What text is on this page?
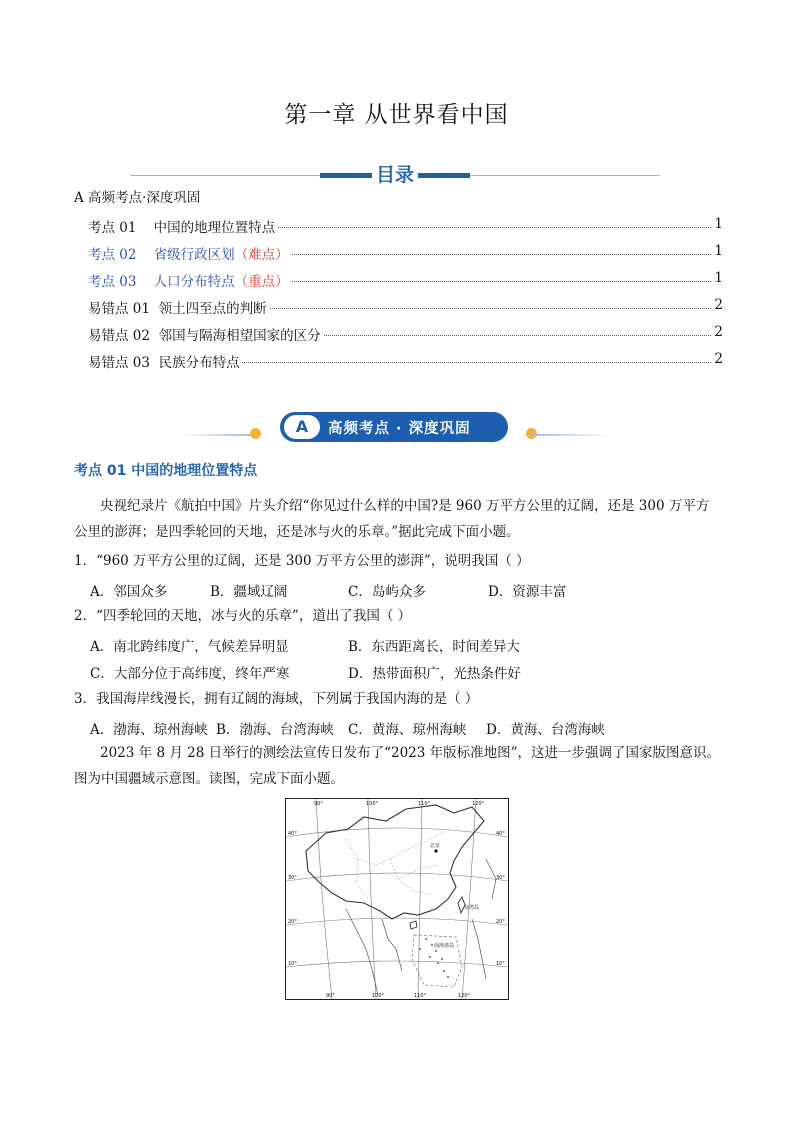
第一章 从世界看中国
目录
A 高频考点·深度巩固
考点 01 中国的地理位置特点	1
考点 02 省级行政区划（难点）	1
考点 03 人口分布特点（重点）	1
易错点 01 领土四至点的判断	2
易错点 02 邻国与隔海相望国家的区分	2
易错点 03 民族分布特点	2
A	高频考点 · 深度巩固
考点 01 中国的地理位置特点
央视纪录片《航拍中国》片头介绍“你见过什么样的中国?是 960 万平方公里的辽阔，还是 300 万平方
公里的澎湃；是四季轮回的天地，还是冰与火的乐章。”据此完成下面小题。
1．“960 万平方公里的辽阔，还是 300 万平方公里的澎湃”，说明我国（ ）
A．邻国众多	B．疆域辽阔	C．岛屿众多	D．资源丰富
2．“四季轮回的天地，冰与火的乐章”，道出了我国（ ）
A．南北跨纬度广，气候差异明显	B．东西距离长，时间差异大
C．大部分位于高纬度，终年严寒	D．热带面积广，光热条件好
3．我国海岸线漫长，拥有辽阔的海域，下列属于我国内海的是（ ）
A．渤海、琼州海峡 B．渤海、台湾海峡 C．黄海、琼州海峡 D．黄海、台湾海峡
2023 年 8 月 28 日举行的测绘法宣传日发布了“2023 年版标准地图”，这进一步强调了国家版图意识。
图为中国疆域示意图。读图，完成下面小题。
90°	100°	110°	120°
90°	100°	110°	120°
40°
30°
20°
10°
40°
30°
20°
10°
北京
台湾岛
南海诸岛
